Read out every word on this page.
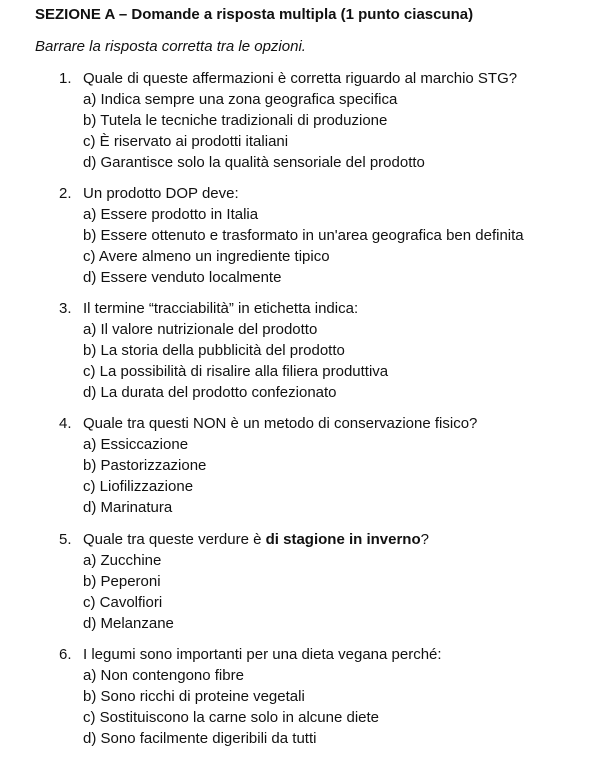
SEZIONE A – Domande a risposta multipla (1 punto ciascuna)
Barrare la risposta corretta tra le opzioni.
1. Quale di queste affermazioni è corretta riguardo al marchio STG?
a) Indica sempre una zona geografica specifica
b) Tutela le tecniche tradizionali di produzione
c) È riservato ai prodotti italiani
d) Garantisce solo la qualità sensoriale del prodotto
2. Un prodotto DOP deve:
a) Essere prodotto in Italia
b) Essere ottenuto e trasformato in un'area geografica ben definita
c) Avere almeno un ingrediente tipico
d) Essere venduto localmente
3. Il termine “tracciabilità” in etichetta indica:
a) Il valore nutrizionale del prodotto
b) La storia della pubblicità del prodotto
c) La possibilità di risalire alla filiera produttiva
d) La durata del prodotto confezionato
4. Quale tra questi NON è un metodo di conservazione fisico?
a) Essiccazione
b) Pastorizzazione
c) Liofilizzazione
d) Marinatura
5. Quale tra queste verdure è di stagione in inverno?
a) Zucchine
b) Peperoni
c) Cavolfiori
d) Melanzane
6. I legumi sono importanti per una dieta vegana perché:
a) Non contengono fibre
b) Sono ricchi di proteine vegetali
c) Sostituiscono la carne solo in alcune diete
d) Sono facilmente digeribili da tutti
